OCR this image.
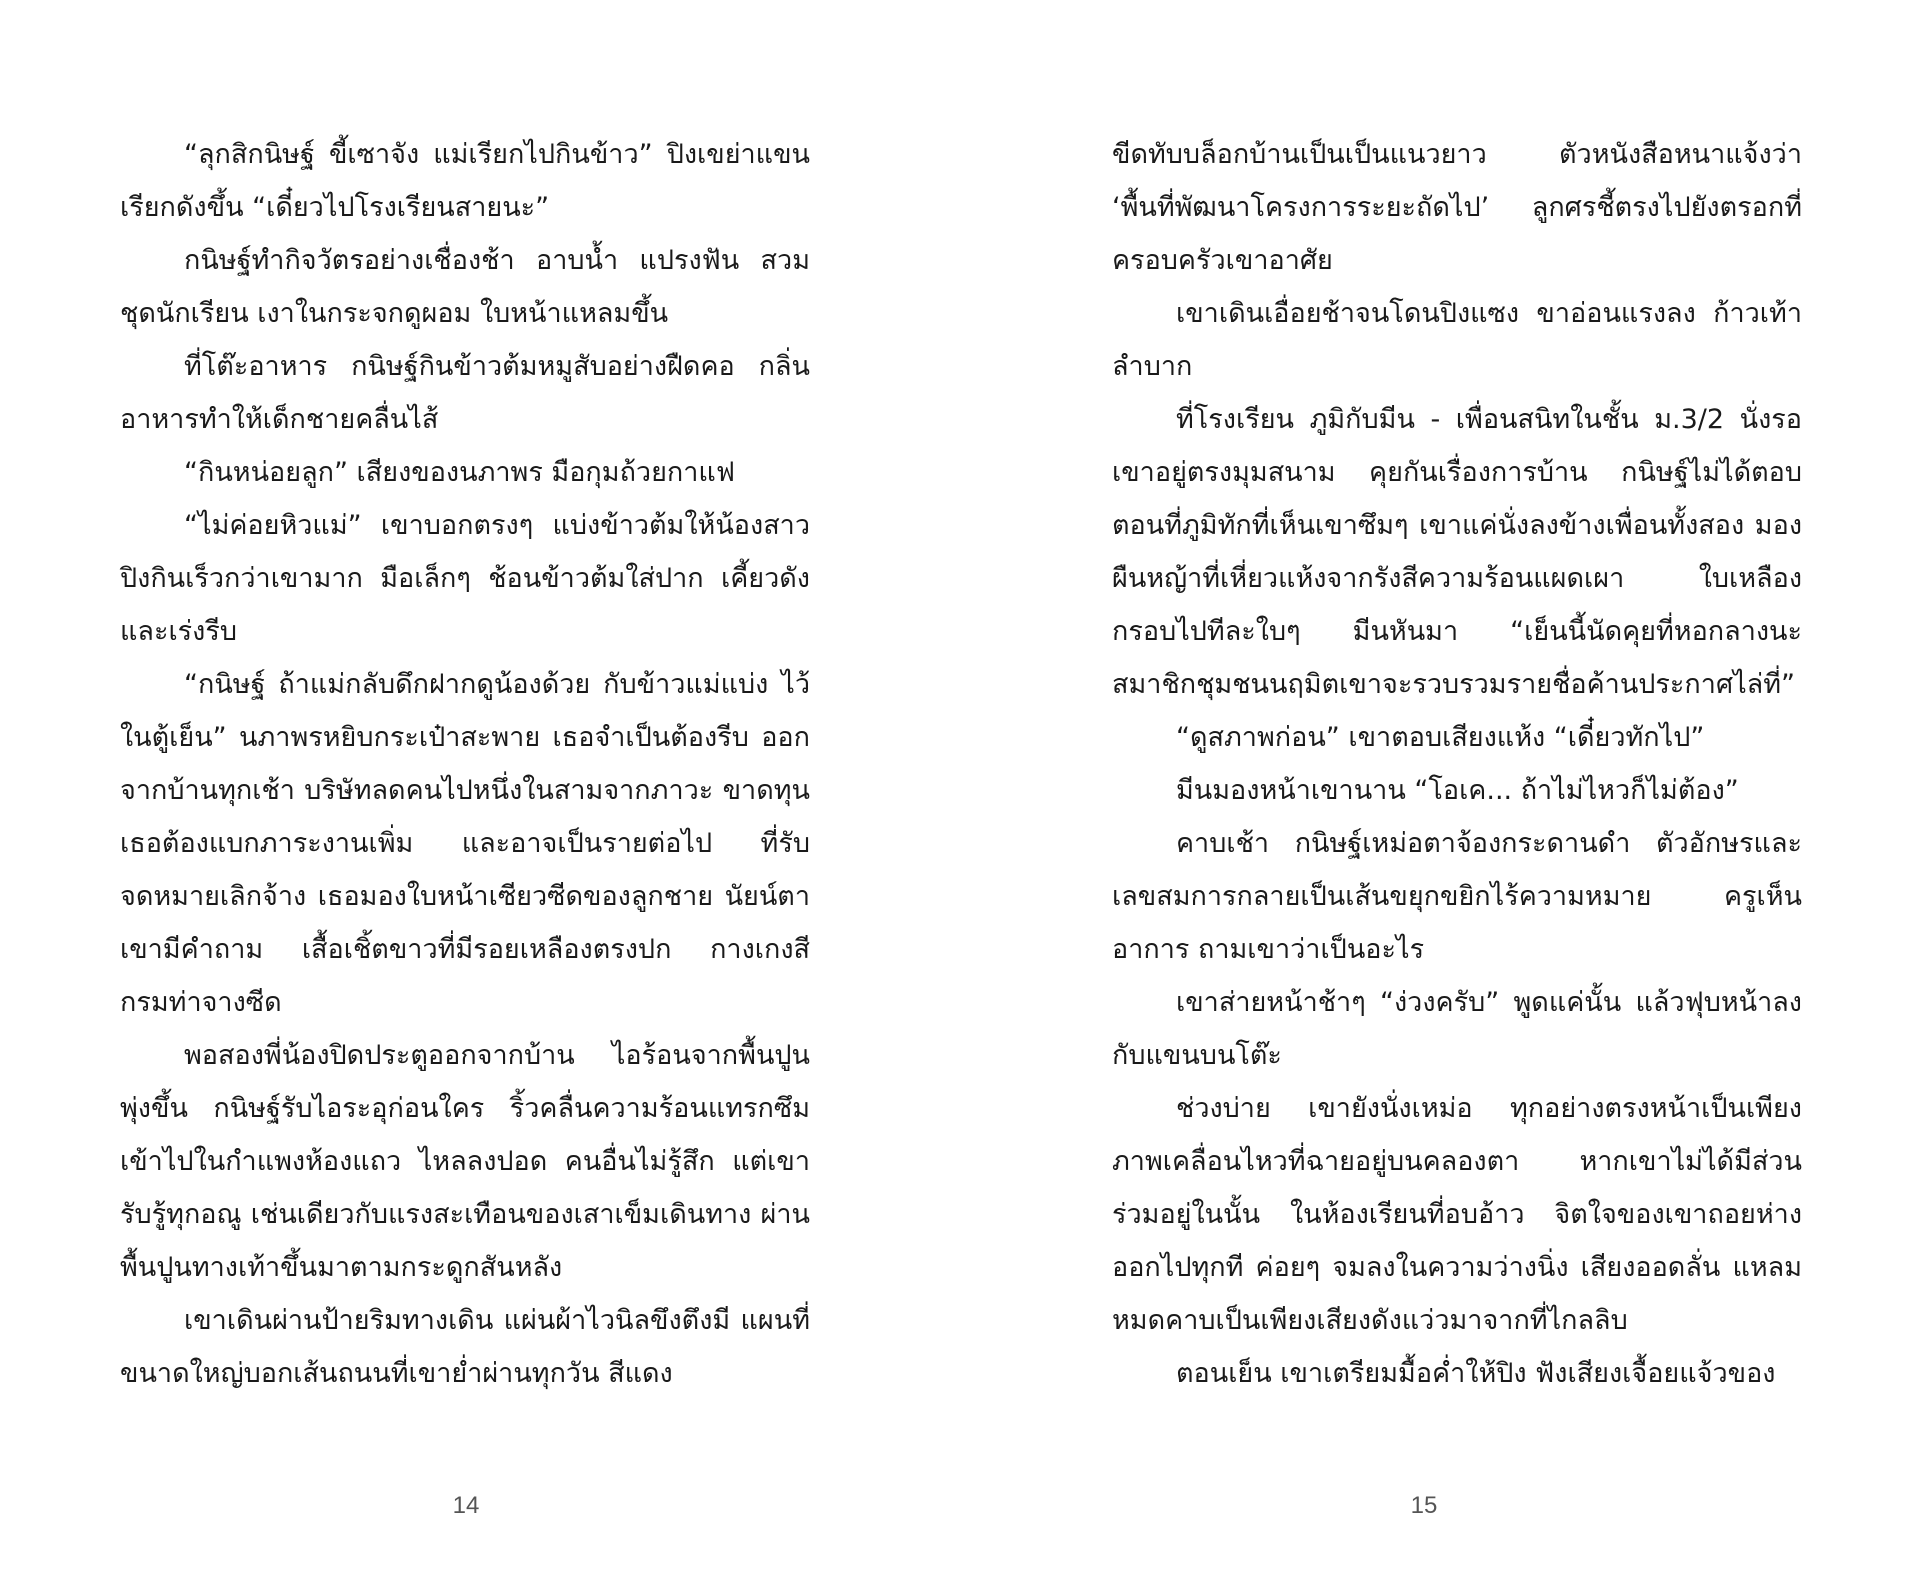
“ลุกสิกนิษฐ์ ขี้เซาจัง แม่เรียกไปกินข้าว” ปิงเขย่าแขน เรียกดังขึ้น “เดี๋ยวไปโรงเรียนสายนะ”

กนิษฐ์ทำกิจวัตรอย่างเชื่องช้า อาบน้ำ แปรงฟัน สวม ชุดนักเรียน เงาในกระจกดูผอม ใบหน้าแหลมขึ้น

ที่โต๊ะอาหาร กนิษฐ์กินข้าวต้มหมูสับอย่างฝืดคอ กลิ่น อาหารทำให้เด็กชายคลื่นไส้

“กินหน่อยลูก” เสียงของนภาพร มือกุมถ้วยกาแฟ

“ไม่ค่อยหิวแม่” เขาบอกตรงๆ แบ่งข้าวต้มให้น้องสาว ปิงกินเร็วกว่าเขามาก มือเล็กๆ ช้อนข้าวต้มใส่ปาก เคี้ยวดัง และเร่งรีบ

“กนิษฐ์ ถ้าแม่กลับดึกฝากดูน้องด้วย กับข้าวแม่แบ่ง ไว้ในตู้เย็น” นภาพรหยิบกระเป๋าสะพาย เธอจำเป็นต้องรีบ ออกจากบ้านทุกเช้า บริษัทลดคนไปหนึ่งในสามจากภาวะ ขาดทุน เธอต้องแบกภาระงานเพิ่ม และอาจเป็นรายต่อไป ที่รับจดหมายเลิกจ้าง เธอมองใบหน้าเซียวซีดของลูกชาย นัยน์ตาเขามีคำถาม เสื้อเชิ้ตขาวที่มีรอยเหลืองตรงปก กางเกงสีกรมท่าจางซีด

พอสองพี่น้องปิดประตูออกจากบ้าน ไอร้อนจากพื้นปูน พุ่งขึ้น กนิษฐ์รับไอระอุก่อนใคร ริ้วคลื่นความร้อนแทรกซึม เข้าไปในกำแพงห้องแถว ไหลลงปอด คนอื่นไม่รู้สึก แต่เขา รับรู้ทุกอณู เช่นเดียวกับแรงสะเทือนของเสาเข็มเดินทาง ผ่านพื้นปูนทางเท้าขึ้นมาตามกระดูกสันหลัง

เขาเดินผ่านป้ายริมทางเดิน แผ่นผ้าไวนิลขึงตึงมี แผนที่ขนาดใหญ่บอกเส้นถนนที่เขาย่ำผ่านทุกวัน สีแดง

14

ขีดทับบล็อกบ้านเป็นเป็นแนวยาว ตัวหนังสือหนาแจ้งว่า ‘พื้นที่พัฒนาโครงการระยะถัดไป’ ลูกศรชี้ตรงไปยังตรอกที่ ครอบครัวเขาอาศัย

เขาเดินเอื่อยช้าจนโดนปิงแซง ขาอ่อนแรงลง ก้าวเท้า ลำบาก

ที่โรงเรียน ภูมิกับมีน - เพื่อนสนิทในชั้น ม.3/2 นั่งรอ เขาอยู่ตรงมุมสนาม คุยกันเรื่องการบ้าน กนิษฐ์ไม่ได้ตอบ ตอนที่ภูมิทักที่เห็นเขาซึมๆ เขาแค่นั่งลงข้างเพื่อนทั้งสอง มองผืนหญ้าที่เหี่ยวแห้งจากรังสีความร้อนแผดเผา ใบเหลือง กรอบไปทีละใบๆ มีนหันมา “เย็นนี้นัดคุยที่หอกลางนะ สมาชิกชุมชนนฤมิตเขาจะรวบรวมรายชื่อค้านประกาศไล่ที่”

“ดูสภาพก่อน” เขาตอบเสียงแห้ง “เดี๋ยวทักไป”

มีนมองหน้าเขานาน “โอเค... ถ้าไม่ไหวก็ไม่ต้อง”

คาบเช้า กนิษฐ์เหม่อตาจ้องกระดานดำ ตัวอักษรและ เลขสมการกลายเป็นเส้นขยุกขยิกไร้ความหมาย ครูเห็น อาการ ถามเขาว่าเป็นอะไร

เขาส่ายหน้าช้าๆ “ง่วงครับ” พูดแค่นั้น แล้วฟุบหน้าลง กับแขนบนโต๊ะ

ช่วงบ่าย เขายังนั่งเหม่อ ทุกอย่างตรงหน้าเป็นเพียง ภาพเคลื่อนไหวที่ฉายอยู่บนคลองตา หากเขาไม่ได้มีส่วน ร่วมอยู่ในนั้น ในห้องเรียนที่อบอ้าว จิตใจของเขาถอยห่าง ออกไปทุกที ค่อยๆ จมลงในความว่างนิ่ง เสียงออดลั่น แหลมหมดคาบเป็นเพียงเสียงดังแว่วมาจากที่ไกลลิบ

ตอนเย็น เขาเตรียมมื้อค่ำให้ปิง ฟังเสียงเจื้อยแจ้วของ

15
